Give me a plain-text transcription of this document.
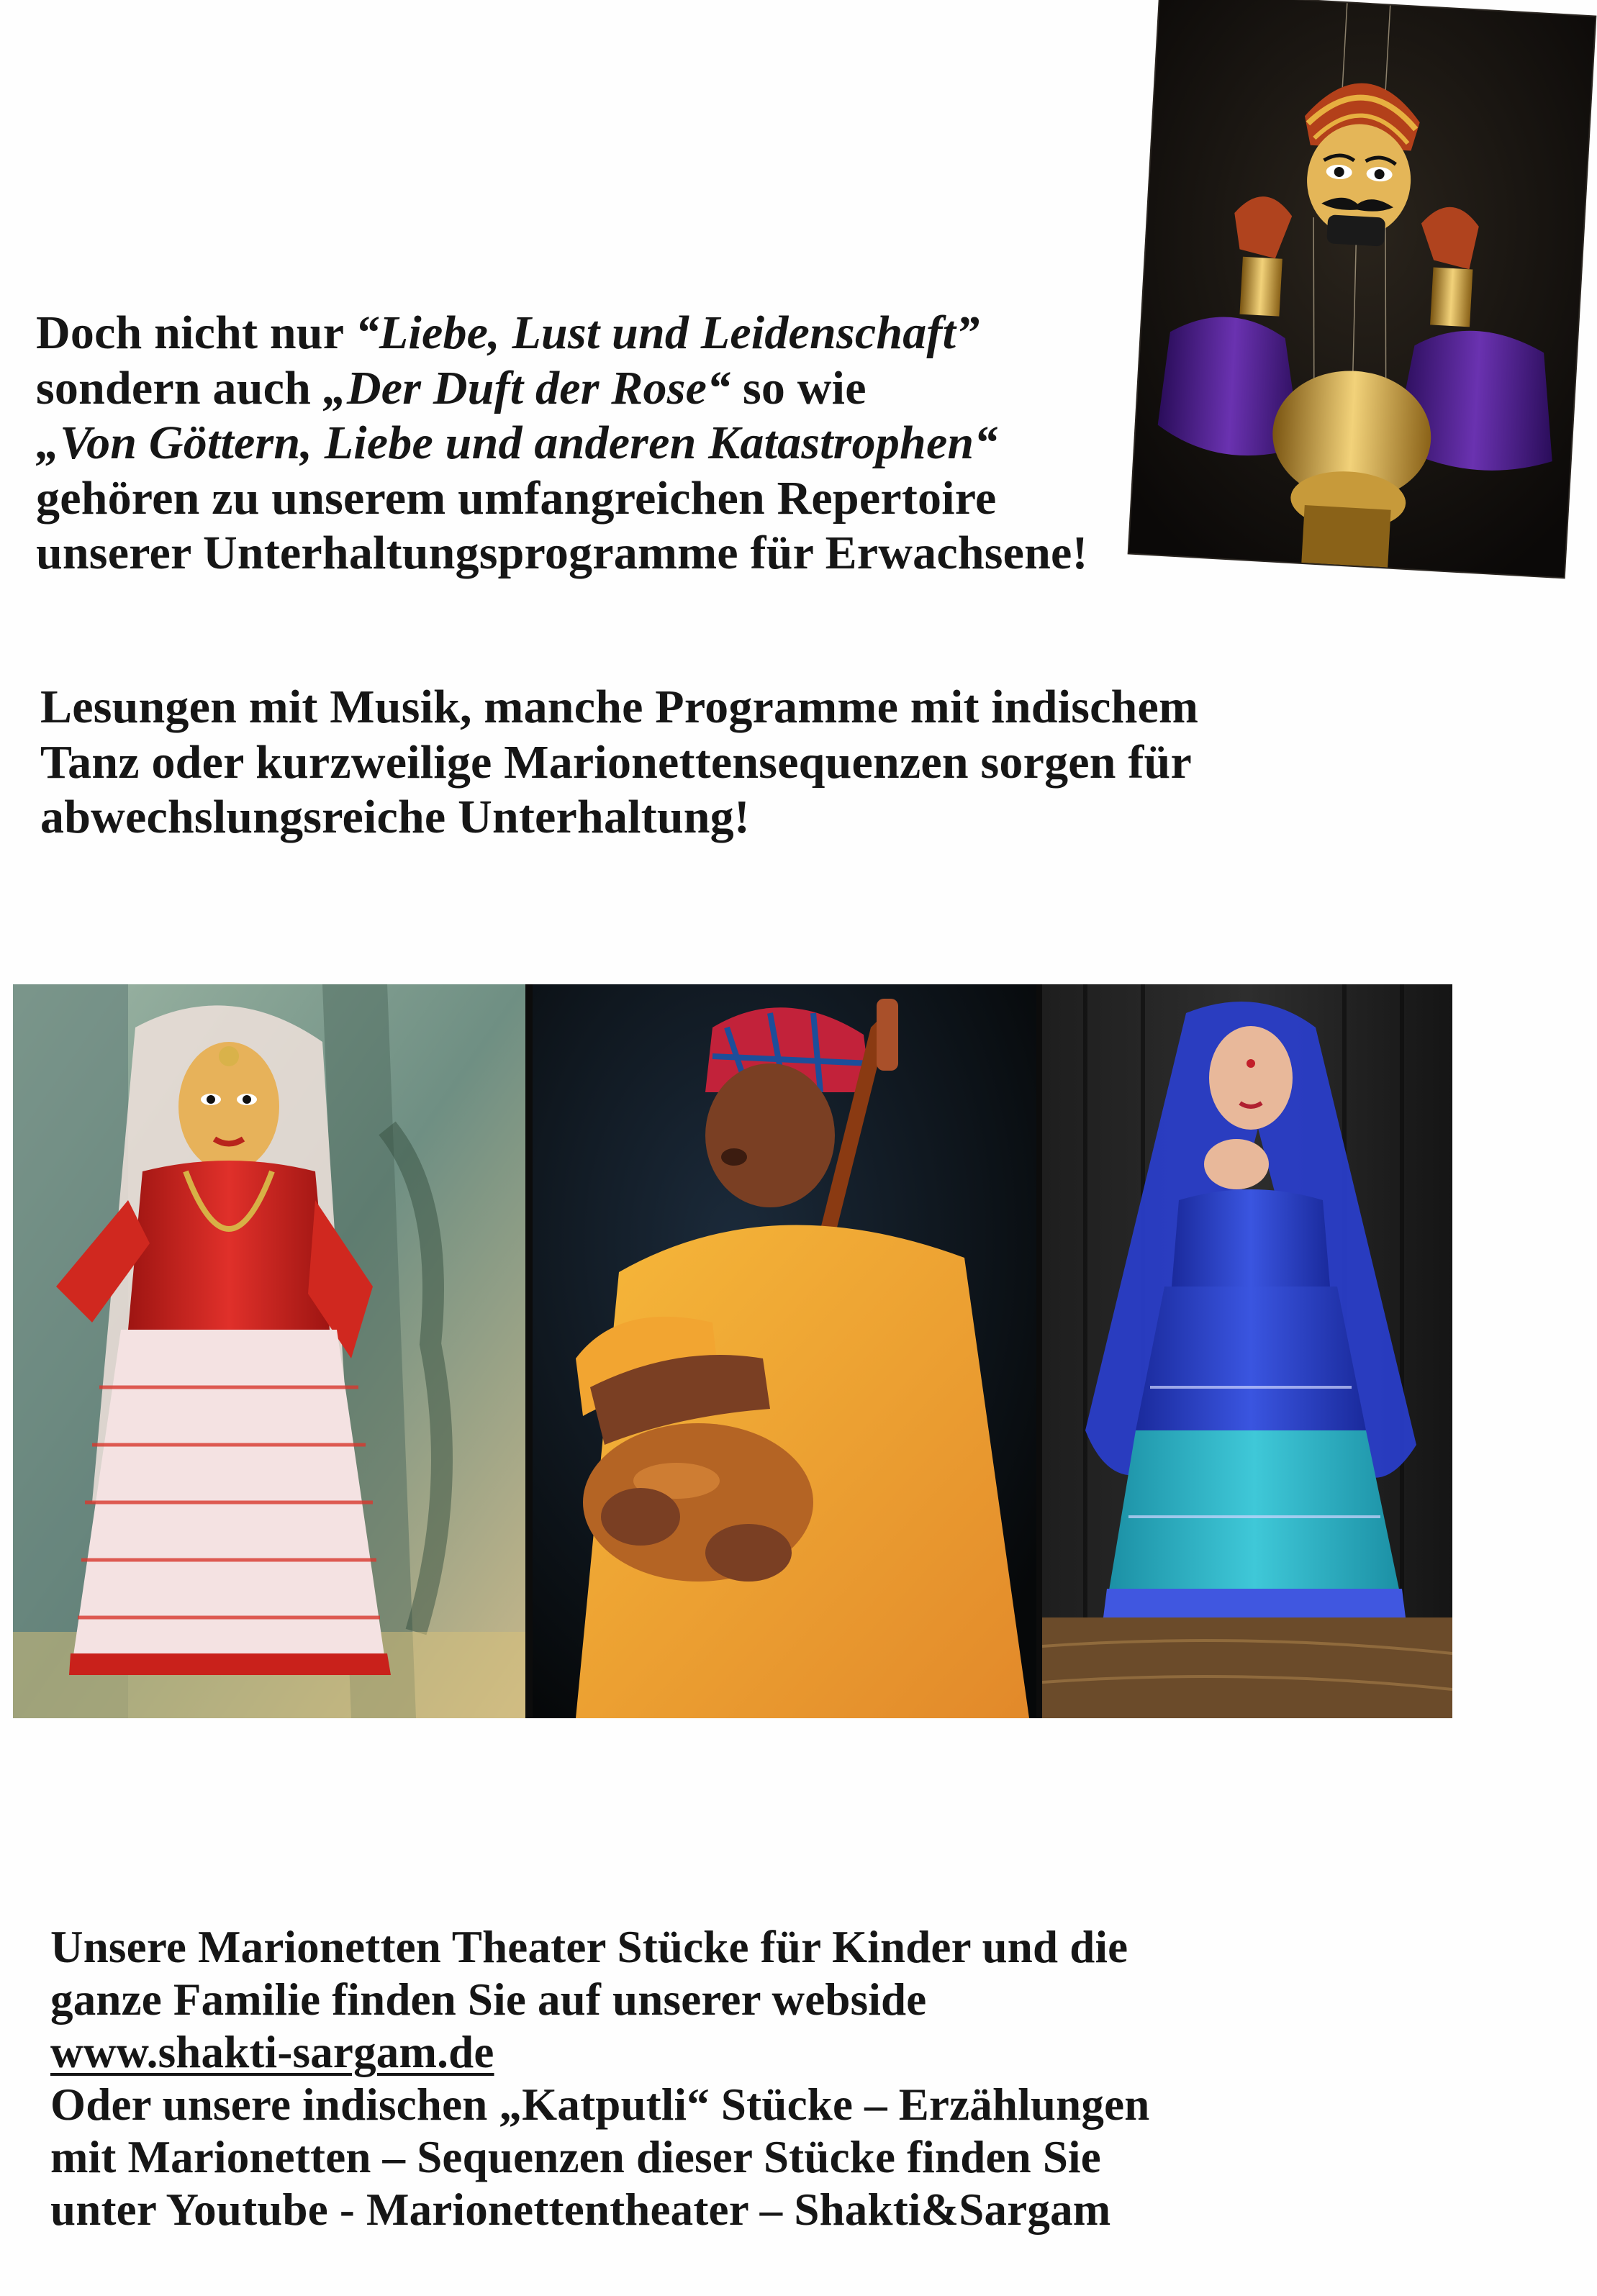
Doch nicht nur “Liebe, Lust und Leidenschaft”
sondern auch „Der Duft der Rose“ so wie
„Von Göttern, Liebe und anderen Katastrophen“
gehören zu unserem umfangreichen Repertoire
unserer Unterhaltungsprogramme für Erwachsene!
Lesungen mit Musik, manche Programme mit indischem
Tanz oder kurzweilige Marionettensequenzen sorgen für
abwechslungsreiche Unterhaltung!
Unsere Marionetten Theater Stücke für Kinder und die
ganze Familie finden Sie auf unserer webside
www.shakti-sargam.de
Oder unsere indischen „Katputli“ Stücke – Erzählungen
mit Marionetten – Sequenzen dieser Stücke finden Sie
unter Youtube - Marionettentheater – Shakti&Sargam
